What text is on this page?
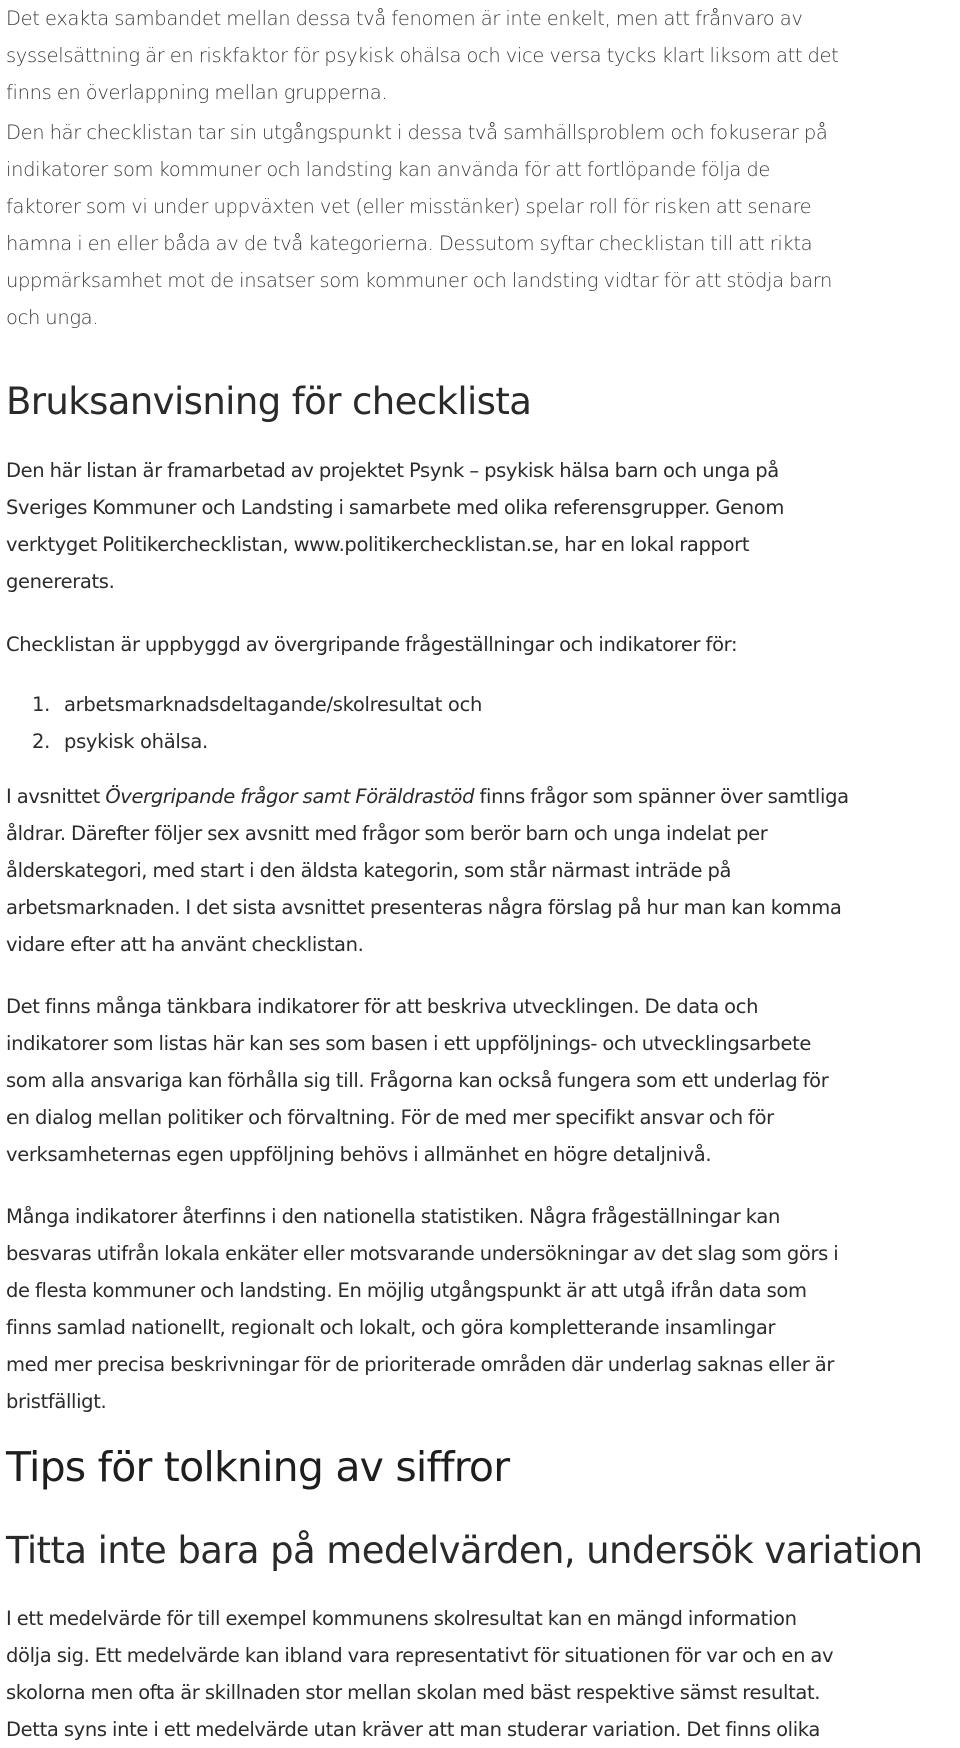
Det exakta sambandet mellan dessa två fenomen är inte enkelt, men att frånvaro av

sysselsättning är en riskfaktor för psykisk ohälsa och vice versa tycks klart liksom att det

finns en överlappning mellan grupperna.

Den här checklistan tar sin utgångspunkt i dessa två samhällsproblem och fokuserar på

indikatorer som kommuner och landsting kan använda för att fortlöpande följa de

faktorer som vi under uppväxten vet (eller misstänker) spelar roll för risken att senare

hamna i en eller båda av de två kategorierna. Dessutom syftar checklistan till att rikta

uppmärksamhet mot de insatser som kommuner och landsting vidtar för att stödja barn

och unga.

Bruksanvisning för checklista

Den här listan är framarbetad av projektet Psynk – psykisk hälsa barn och unga på

Sveriges Kommuner och Landsting i samarbete med olika referensgrupper. Genom

verktyget Politikerchecklistan, www.politikerchecklistan.se, har en lokal rapport

genererats.

Checklistan är uppbyggd av övergripande frågeställningar och indikatorer för:

1. arbetsmarknadsdeltagande/skolresultat och
2. psykisk ohälsa.

I avsnittet Övergripande frågor samt Föräldrastöd finns frågor som spänner över samtliga

åldrar. Därefter följer sex avsnitt med frågor som berör barn och unga indelat per

ålderskategori, med start i den äldsta kategorin, som står närmast inträde på

arbetsmarknaden. I det sista avsnittet presenteras några förslag på hur man kan komma

vidare efter att ha använt checklistan.

Det finns många tänkbara indikatorer för att beskriva utvecklingen. De data och

indikatorer som listas här kan ses som basen i ett uppföljnings- och utvecklingsarbete

som alla ansvariga kan förhålla sig till. Frågorna kan också fungera som ett underlag för

en dialog mellan politiker och förvaltning. För de med mer specifikt ansvar och för

verksamheternas egen uppföljning behövs i allmänhet en högre detaljnivå.

Många indikatorer återfinns i den nationella statistiken. Några frågeställningar kan

besvaras utifrån lokala enkäter eller motsvarande undersökningar av det slag som görs i

de flesta kommuner och landsting. En möjlig utgångspunkt är att utgå ifrån data som

finns samlad nationellt, regionalt och lokalt, och göra kompletterande insamlingar

med mer precisa beskrivningar för de prioriterade områden där underlag saknas eller är

bristfälligt.

Tips för tolkning av siffror
Titta inte bara på medelvärden, undersök variation

I ett medelvärde för till exempel kommunens skolresultat kan en mängd information

dölja sig. Ett medelvärde kan ibland vara representativt för situationen för var och en av

skolorna men ofta är skillnaden stor mellan skolan med bäst respektive sämst resultat.

Detta syns inte i ett medelvärde utan kräver att man studerar variation. Det finns olika
